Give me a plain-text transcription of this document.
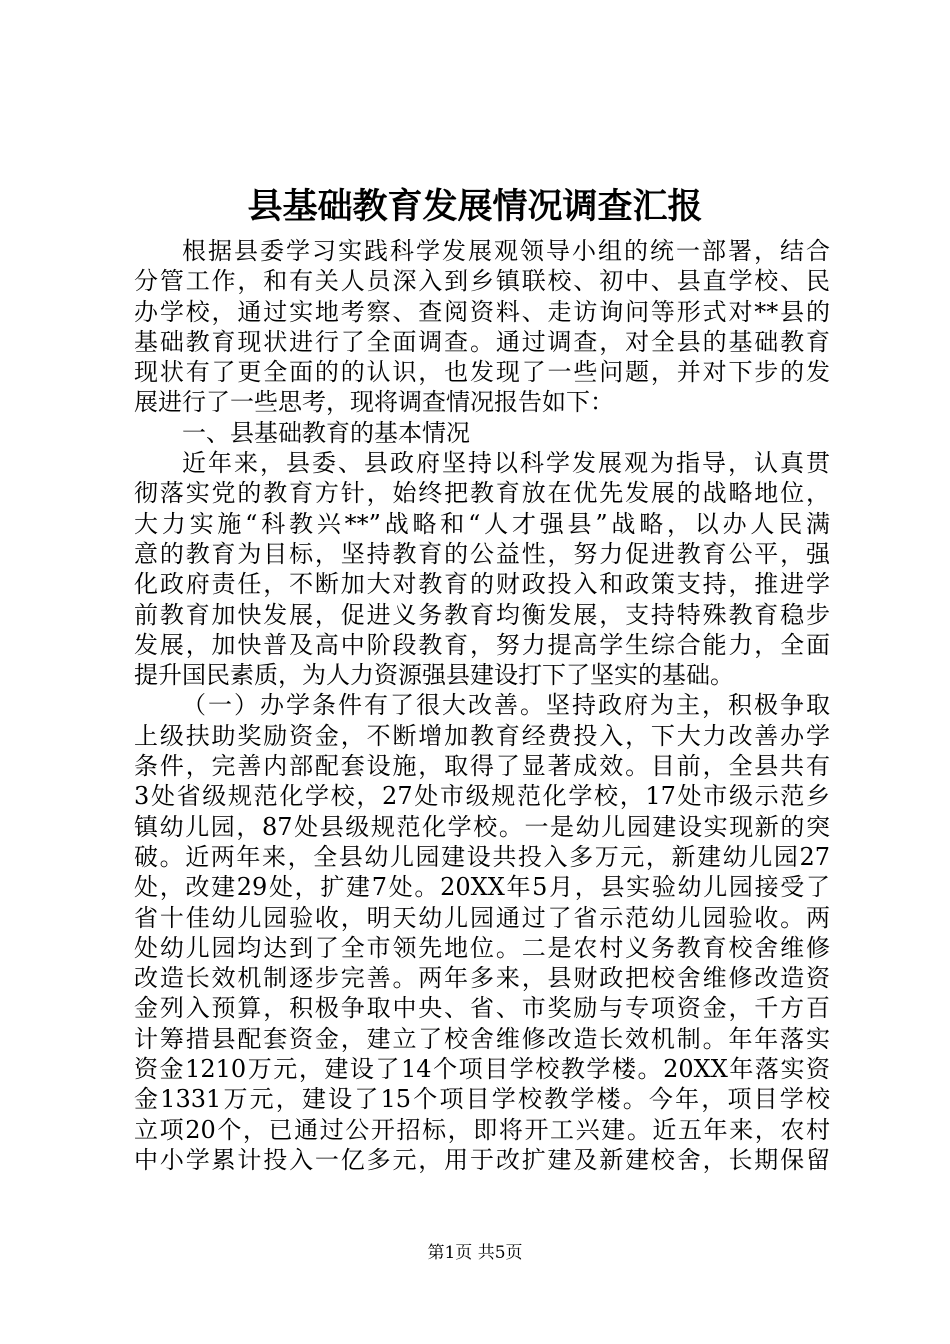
县基础教育发展情况调查汇报
根据县委学习实践科学发展观领导小组的统一部署，结合
分管工作，和有关人员深入到乡镇联校、初中、县直学校、民
办学校，通过实地考察、查阅资料、走访询问等形式对**县的
基础教育现状进行了全面调查。通过调查，对全县的基础教育
现状有了更全面的的认识，也发现了一些问题，并对下步的发
展进行了一些思考，现将调查情况报告如下：
一、县基础教育的基本情况
近年来，县委、县政府坚持以科学发展观为指导，认真贯
彻落实党的教育方针，始终把教育放在优先发展的战略地位，
大力实施“科教兴**”战略和“人才强县”战略，以办人民满
意的教育为目标，坚持教育的公益性，努力促进教育公平，强
化政府责任，不断加大对教育的财政投入和政策支持，推进学
前教育加快发展，促进义务教育均衡发展，支持特殊教育稳步
发展，加快普及高中阶段教育，努力提高学生综合能力，全面
提升国民素质，为人力资源强县建设打下了坚实的基础。
（一）办学条件有了很大改善。坚持政府为主，积极争取
上级扶助奖励资金，不断增加教育经费投入，下大力改善办学
条件，完善内部配套设施，取得了显著成效。目前，全县共有
3处省级规范化学校，27处市级规范化学校，17处市级示范乡
镇幼儿园，87处县级规范化学校。一是幼儿园建设实现新的突
破。近两年来，全县幼儿园建设共投入多万元，新建幼儿园27
处，改建29处，扩建7处。20XX年5月，县实验幼儿园接受了
省十佳幼儿园验收，明天幼儿园通过了省示范幼儿园验收。两
处幼儿园均达到了全市领先地位。二是农村义务教育校舍维修
改造长效机制逐步完善。两年多来，县财政把校舍维修改造资
金列入预算，积极争取中央、省、市奖励与专项资金，千方百
计筹措县配套资金，建立了校舍维修改造长效机制。年年落实
资金1210万元，建设了14个项目学校教学楼。20XX年落实资
金1331万元，建设了15个项目学校教学楼。今年，项目学校
立项20个，已通过公开招标，即将开工兴建。近五年来，农村
中小学累计投入一亿多元，用于改扩建及新建校舍，长期保留
第1页 共5页
